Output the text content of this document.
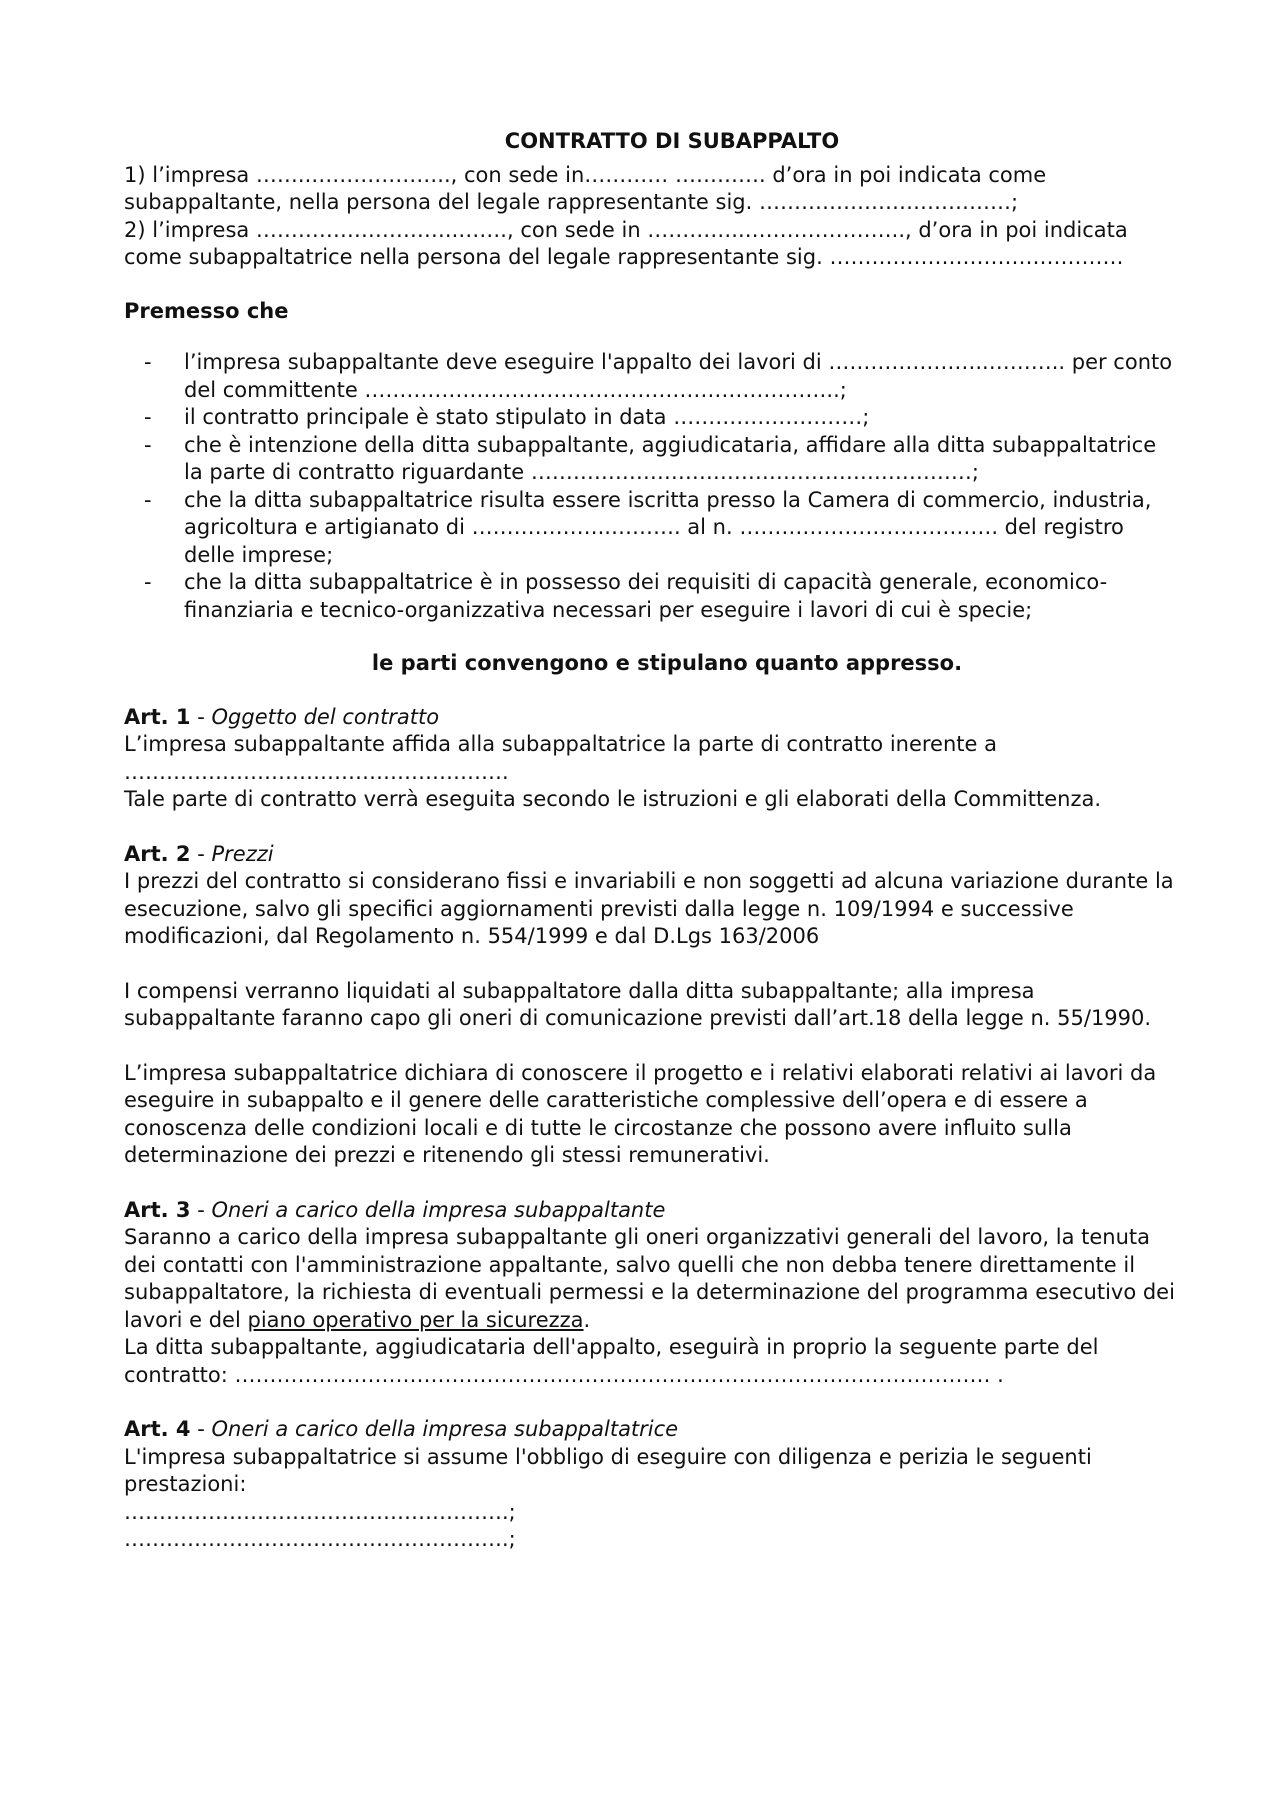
CONTRATTO DI SUBAPPALTO

1) l’impresa ……..……………….., con sede in………… …………. d’ora in poi indicata come subappaltante, nella persona del legale rappresentante sig. ………………………………;

2) l’impresa ………………………..……., con sede in …………..………………….., d’ora in poi indicata come subappaltatrice nella persona del legale rappresentante sig. ……………………………………

Premesso che

- l’impresa subappaltante deve eseguire l'appalto dei lavori di …………………..……….. per conto del committente …………………………………………………………..;
- il contratto principale è stato stipulato in data ………………………;
- che è intenzione della ditta subappaltante, aggiudicataria, affidare alla ditta subappaltatrice la parte di contratto riguardante ………………………………………………………;
- che la ditta subappaltatrice risulta essere iscritta presso la Camera di commercio, industria, agricoltura e artigianato di ………………..………. al n. ………………………………. del registro delle imprese;
- che la ditta subappaltatrice è in possesso dei requisiti di capacità generale, economico-finanziaria e tecnico-organizzativa necessari per eseguire i lavori di cui è specie;

le parti convengono e stipulano quanto appresso.

Art. 1 - Oggetto del contratto

L’impresa subappaltante affida alla subappaltatrice la parte di contratto inerente a ……………………………………………….

Tale parte di contratto verrà eseguita secondo le istruzioni e gli elaborati della Committenza.

Art. 2 - Prezzi

I prezzi del contratto si considerano fissi e invariabili e non soggetti ad alcuna variazione durante la esecuzione, salvo gli specifici aggiornamenti previsti dalla legge n. 109/1994 e successive modificazioni, dal Regolamento n. 554/1999 e dal D.Lgs 163/2006

I compensi verranno liquidati al subappaltatore dalla ditta subappaltante; alla impresa subappaltante faranno capo gli oneri di comunicazione previsti dall’art.18 della legge n. 55/1990.

L’impresa subappaltatrice dichiara di conoscere il progetto e i relativi elaborati relativi ai lavori da eseguire in subappalto e il genere delle caratteristiche complessive dell’opera e di essere a conoscenza delle condizioni locali e di tutte le circostanze che possono avere influito sulla determinazione dei prezzi e ritenendo gli stessi remunerativi.

Art. 3 - Oneri a carico della impresa subappaltante

Saranno a carico della impresa subappaltante gli oneri organizzativi generali del lavoro, la tenuta dei contatti con l'amministrazione appaltante, salvo quelli che non debba tenere direttamente il subappaltatore, la richiesta di eventuali permessi e la determinazione del programma esecutivo dei lavori e del piano operativo per la sicurezza.

La ditta subappaltante, aggiudicataria dell'appalto, eseguirà in proprio la seguente parte del contratto: ……………………………………………………………………………………………… .

Art. 4 - Oneri a carico della impresa subappaltatrice

L'impresa subappaltatrice si assume l'obbligo di eseguire con diligenza e perizia le seguenti prestazioni:

……………………………………………….;

……………………………………………….;
